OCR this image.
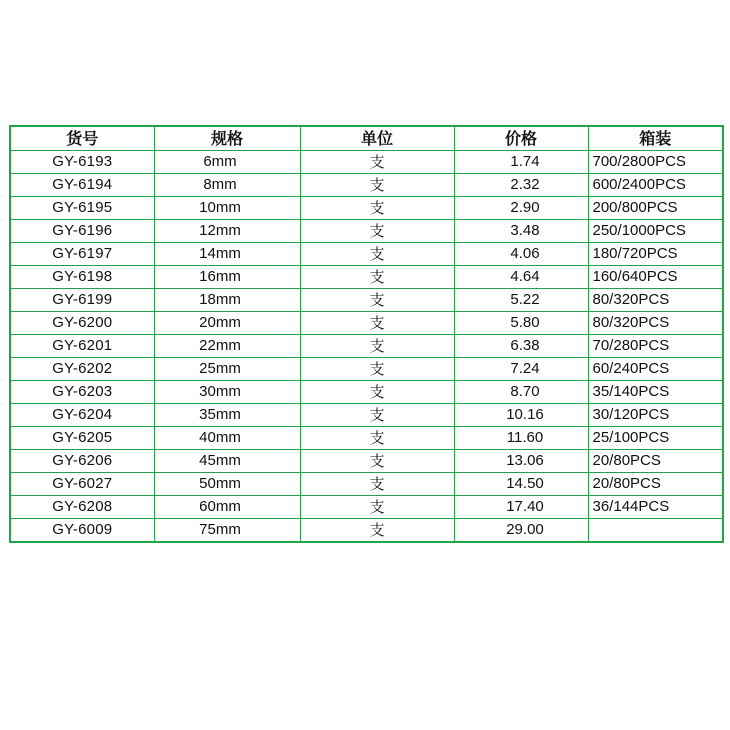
货号	规格	单位	价格	箱装
GY-6193	6mm	支	1.74	700/2800PCS
GY-6194	8mm	支	2.32	600/2400PCS
GY-6195	10mm	支	2.90	200/800PCS
GY-6196	12mm	支	3.48	250/1000PCS
GY-6197	14mm	支	4.06	180/720PCS
GY-6198	16mm	支	4.64	160/640PCS
GY-6199	18mm	支	5.22	80/320PCS
GY-6200	20mm	支	5.80	80/320PCS
GY-6201	22mm	支	6.38	70/280PCS
GY-6202	25mm	支	7.24	60/240PCS
GY-6203	30mm	支	8.70	35/140PCS
GY-6204	35mm	支	10.16	30/120PCS
GY-6205	40mm	支	11.60	25/100PCS
GY-6206	45mm	支	13.06	20/80PCS
GY-6027	50mm	支	14.50	20/80PCS
GY-6208	60mm	支	17.40	36/144PCS
GY-6009	75mm	支	29.00	
